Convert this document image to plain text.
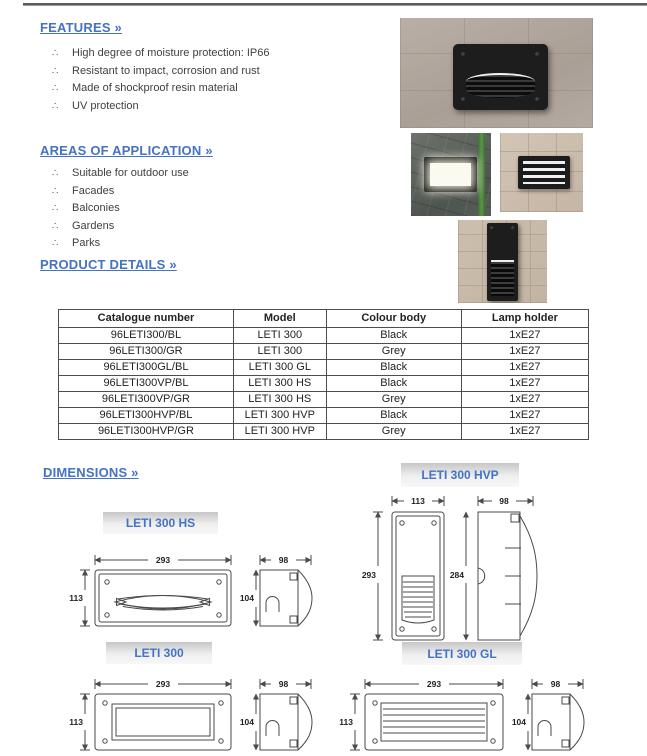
FEATURES »
∴	High degree of moisture protection: IP66
∴	Resistant to impact, corrosion and rust
∴	Made of shockproof resin material
∴	UV protection
AREAS OF APPLICATION »
∴	Suitable for outdoor use
∴	Facades
∴	Balconies
∴	Gardens
∴	Parks
PRODUCT DETAILS »
Catalogue number	Model	Colour body	Lamp holder
96LETI300/BL	LETI 300	Black	1xE27
96LETI300/GR	LETI 300	Grey	1xE27
96LETI300GL/BL	LETI 300 GL	Black	1xE27
96LETI300VP/BL	LETI 300 HS	Black	1xE27
96LETI300VP/GR	LETI 300 HS	Grey	1xE27
96LETI300HVP/BL	LETI 300 HVP	Black	1xE27
96LETI300HVP/GR	LETI 300 HVP	Grey	1xE27
DIMENSIONS »
LETI 300 HS
LETI 300 HVP
LETI 300	LETI 300 GL
293
113
98
104
293
113
98
104
293
113
98
104
113
293
98
284
